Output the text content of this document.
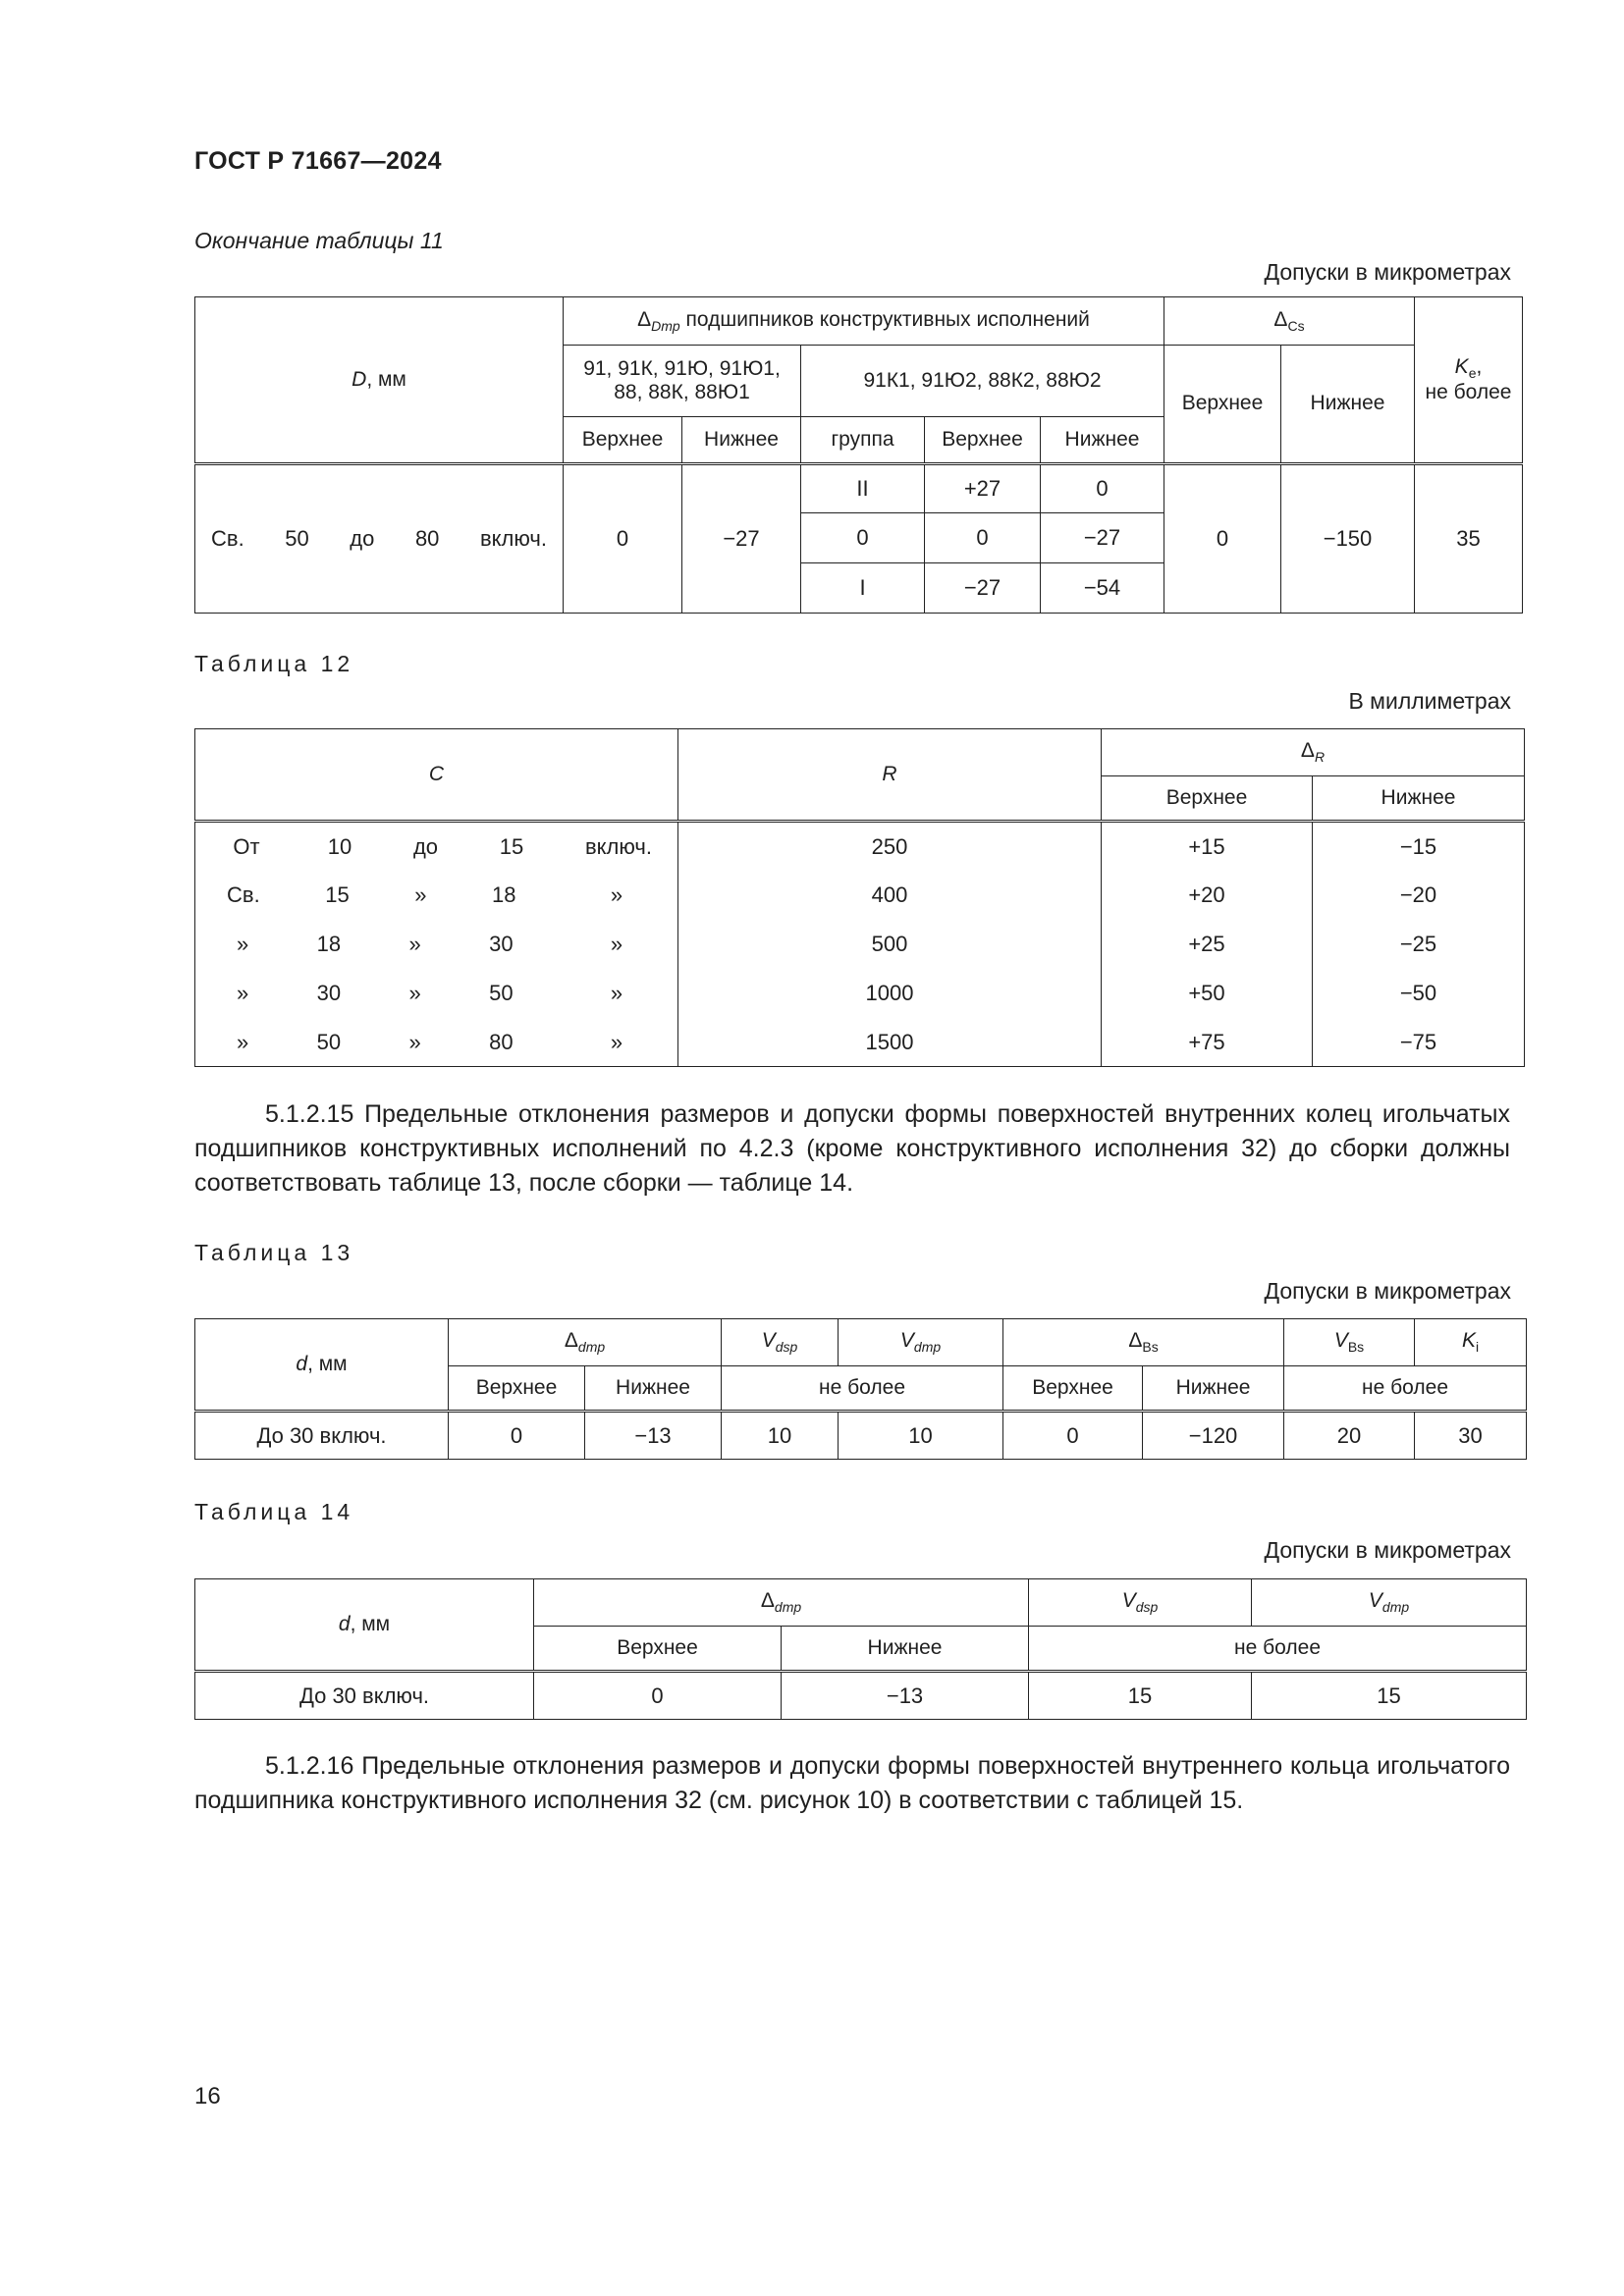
ГОСТ Р 71667—2024
Окончание таблицы 11
Допуски в микрометрах
D, мм	$\Delta_{Dmp}$ подшипников конструктивных исполнений					$\Delta_{Cs}$		$K_e$,
не более
	91, 91К, 91Ю, 91Ю1, 88, 88К, 88Ю1		91К1, 91Ю2, 88К2, 88Ю2			Верхнее	Нижнее	
	Верхнее	Нижнее	группа	Верхнее	Нижнее			

Св. 50 до 80 включ.	0	−27	II	+27	0	0	−150	35
			0	0	−27			
			I	−27	−54			
Таблица 12
В миллиметрах
C	R	$\Delta_R$
		Верхнее	Нижнее

От 10 до 15 включ.	250	+15	−15

Св. 15 » 18 »	400	+20	−20

» 18 » 30 »	500	+25	−25

» 30 » 50 »	1000	+50	−50

» 50 » 80 »	1500	+75	−75
5.1.2.15 Предельные отклонения размеров и допуски формы поверхностей внутренних колец игольчатых подшипников конструктивных исполнений по 4.2.3 (кроме конструктивного исполнения 32) до сборки должны соответствовать таблице 13, после сборки — таблице 14.
Таблица 13
Допуски в микрометрах
d, мм	$\Delta_{dmp}$		$V_{dsp}$	$V_{dmp}$	$\Delta_{Bs}$		$V_{Bs}$	$K_i$
	Верхнее	Нижнее	не более		Верхнее	Нижнее	не более	
До 30 включ.	0	−13	10	10	0	−120	20	30
Таблица 14
Допуски в микрометрах
d, мм	$\Delta_{dmp}$		$V_{dsp}$	$V_{dmp}$
	Верхнее	Нижнее	не более	
До 30 включ.	0	−13	15	15
5.1.2.16 Предельные отклонения размеров и допуски формы поверхностей внутреннего кольца игольчатого подшипника конструктивного исполнения 32 (см. рисунок 10) в соответствии с таблицей 15.
16
